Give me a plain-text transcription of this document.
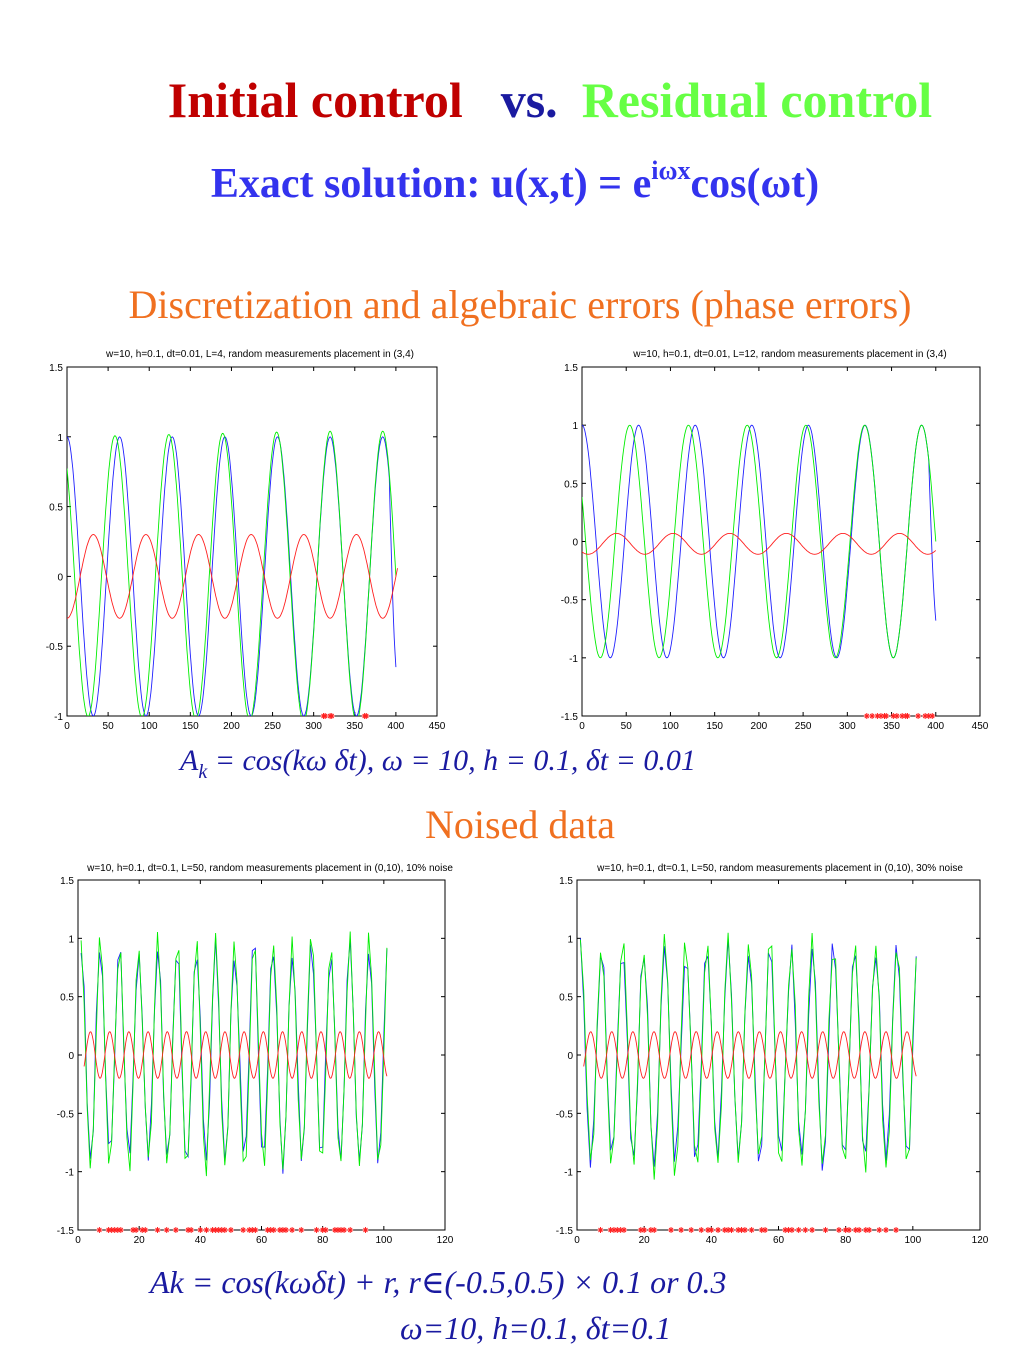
Initial control vs. Residual control
Exact solution: $u(x,t) = e^{i\omega x}\cos(\omega t)$
Discretization and algebraic errors (phase errors)
w=10, h=0.1, dt=0.01, L=4, random measurements placement in (3,4)
0	50	100 150 200 250 300 350 400 450
-1
-0.5
0
0.5
1
1.5
w=10, h=0.1, dt=0.01, L=12, random measurements placement in (3,4)
0	50	100	150	200	250	300	350	400	450
-1.5
-1
-0.5
0
0.5
1
1.5
w=10, h=0.1, dt=0.1, L=50, random measurements placement in (0,10), 10% noise
0	20	40	60	80	100	120
-1.5
-1
-0.5
0
0.5
1
1.5
w=10, h=0.1, dt=0.1, L=50, random measurements placement in (0,10), 30% noise
0	20	40	60	80	100	120
-1.5
-1
-0.5
0
0.5
1
1.5
$A_k = \cos(k\omega$ δt), ω = 10, h = 0.1, δt = 0.01
Noised data
Ak = cos(kωδt) + r, r∈(-0.5,0.5) × 0.1 or 0.3
ω=10, h=0.1, δt=0.1
